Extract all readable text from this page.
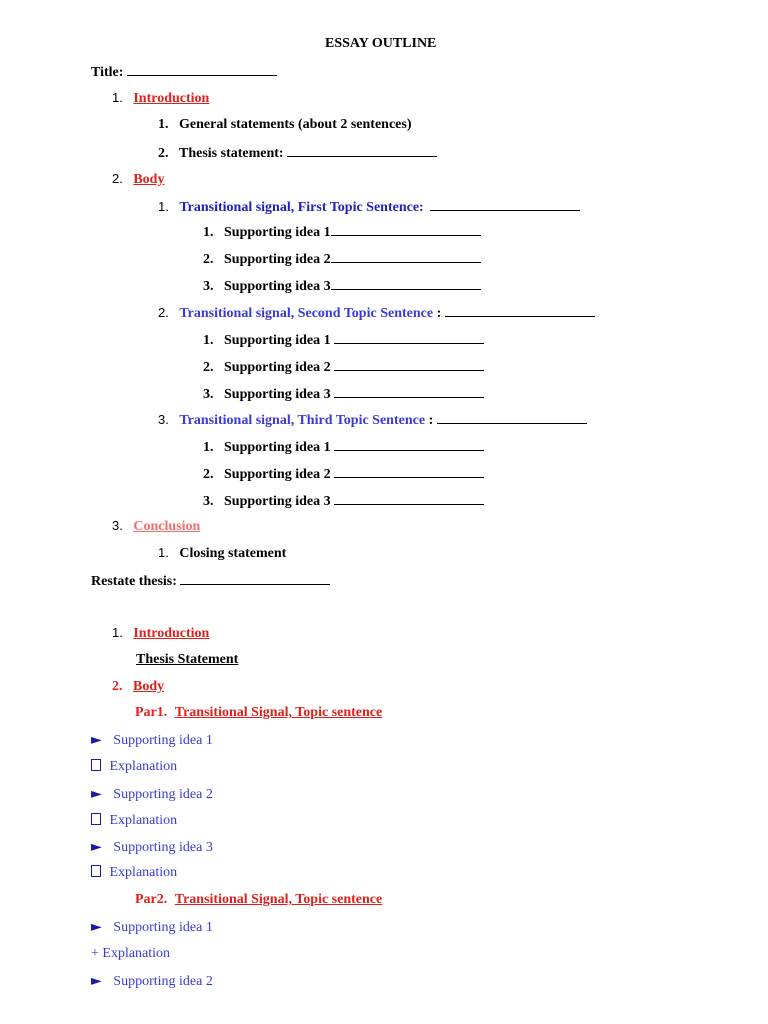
ESSAY OUTLINE
Title:
1. Introduction
1. General statements (about 2 sentences)
2. Thesis statement:
2. Body
1. Transitional signal, First Topic Sentence:
1. Supporting idea 1
2. Supporting idea 2
3. Supporting idea 3
2. Transitional signal, Second Topic Sentence :
1. Supporting idea 1
2. Supporting idea 2
3. Supporting idea 3
3. Transitional signal, Third Topic Sentence :
1. Supporting idea 1
2. Supporting idea 2
3. Supporting idea 3
3. Conclusion
1. Closing statement
Restate thesis:
1. Introduction
Thesis Statement
2. Body
Par1. Transitional Signal, Topic sentence
► Supporting idea 1
Explanation
► Supporting idea 2
Explanation
► Supporting idea 3
Explanation
Par2. Transitional Signal, Topic sentence
► Supporting idea 1
+ Explanation
► Supporting idea 2
